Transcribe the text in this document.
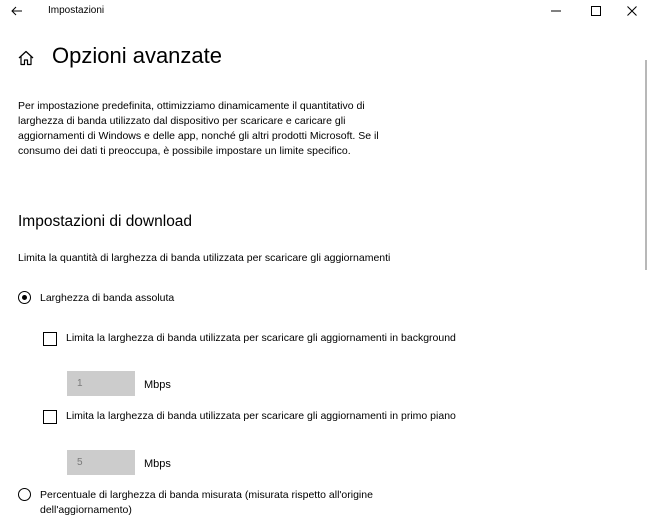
Impostazioni
Opzioni avanzate
Per impostazione predefinita, ottimizziamo dinamicamente il quantitativo di larghezza di banda utilizzato dal dispositivo per scaricare e caricare gli aggiornamenti di Windows e delle app, nonché gli altri prodotti Microsoft. Se il consumo dei dati ti preoccupa, è possibile impostare un limite specifico.
Impostazioni di download
Limita la quantità di larghezza di banda utilizzata per scaricare gli aggiornamenti
Larghezza di banda assoluta
Limita la larghezza di banda utilizzata per scaricare gli aggiornamenti in background
1
Mbps
Limita la larghezza di banda utilizzata per scaricare gli aggiornamenti in primo piano
5
Mbps
Percentuale di larghezza di banda misurata (misurata rispetto all'origine dell'aggiornamento)
